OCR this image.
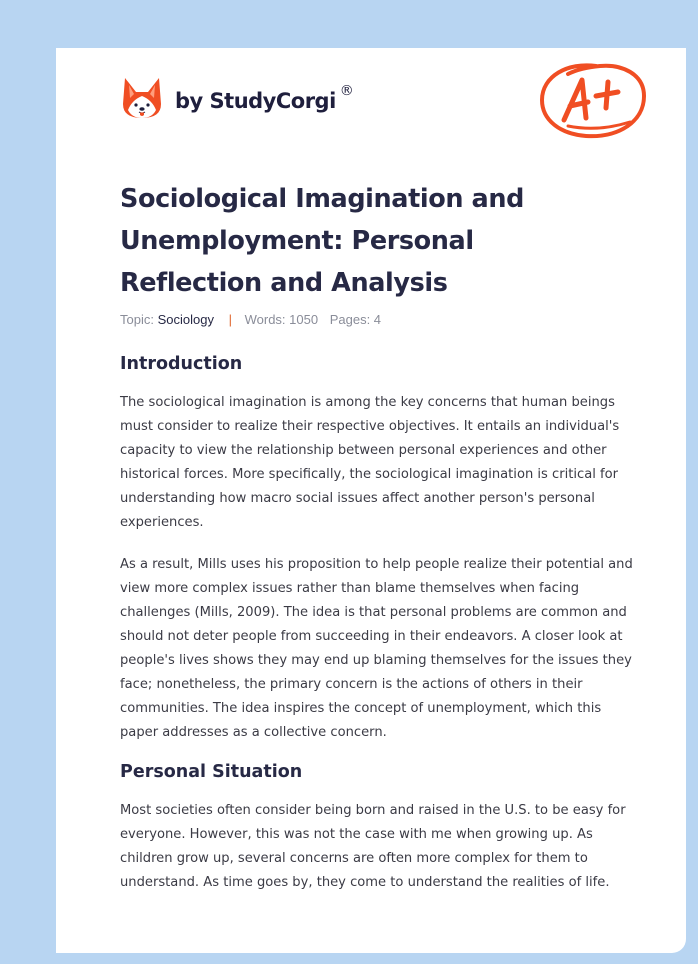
by StudyCorgi ®
Sociological Imagination and Unemployment: Personal Reflection and Analysis
Topic: Sociology | Words: 1050 Pages: 4
Introduction

The sociological imagination is among the key concerns that human beings must consider to realize their respective objectives. It entails an individual's capacity to view the relationship between personal experiences and other historical forces. More specifically, the sociological imagination is critical for understanding how macro social issues affect another person's personal experiences.

As a result, Mills uses his proposition to help people realize their potential and view more complex issues rather than blame themselves when facing challenges (Mills, 2009). The idea is that personal problems are common and should not deter people from succeeding in their endeavors. A closer look at people's lives shows they may end up blaming themselves for the issues they face; nonetheless, the primary concern is the actions of others in their communities. The idea inspires the concept of unemployment, which this paper addresses as a collective concern.

Personal Situation

Most societies often consider being born and raised in the U.S. to be easy for everyone. However, this was not the case with me when growing up. As children grow up, several concerns are often more complex for them to understand. As time goes by, they come to understand the realities of life.
